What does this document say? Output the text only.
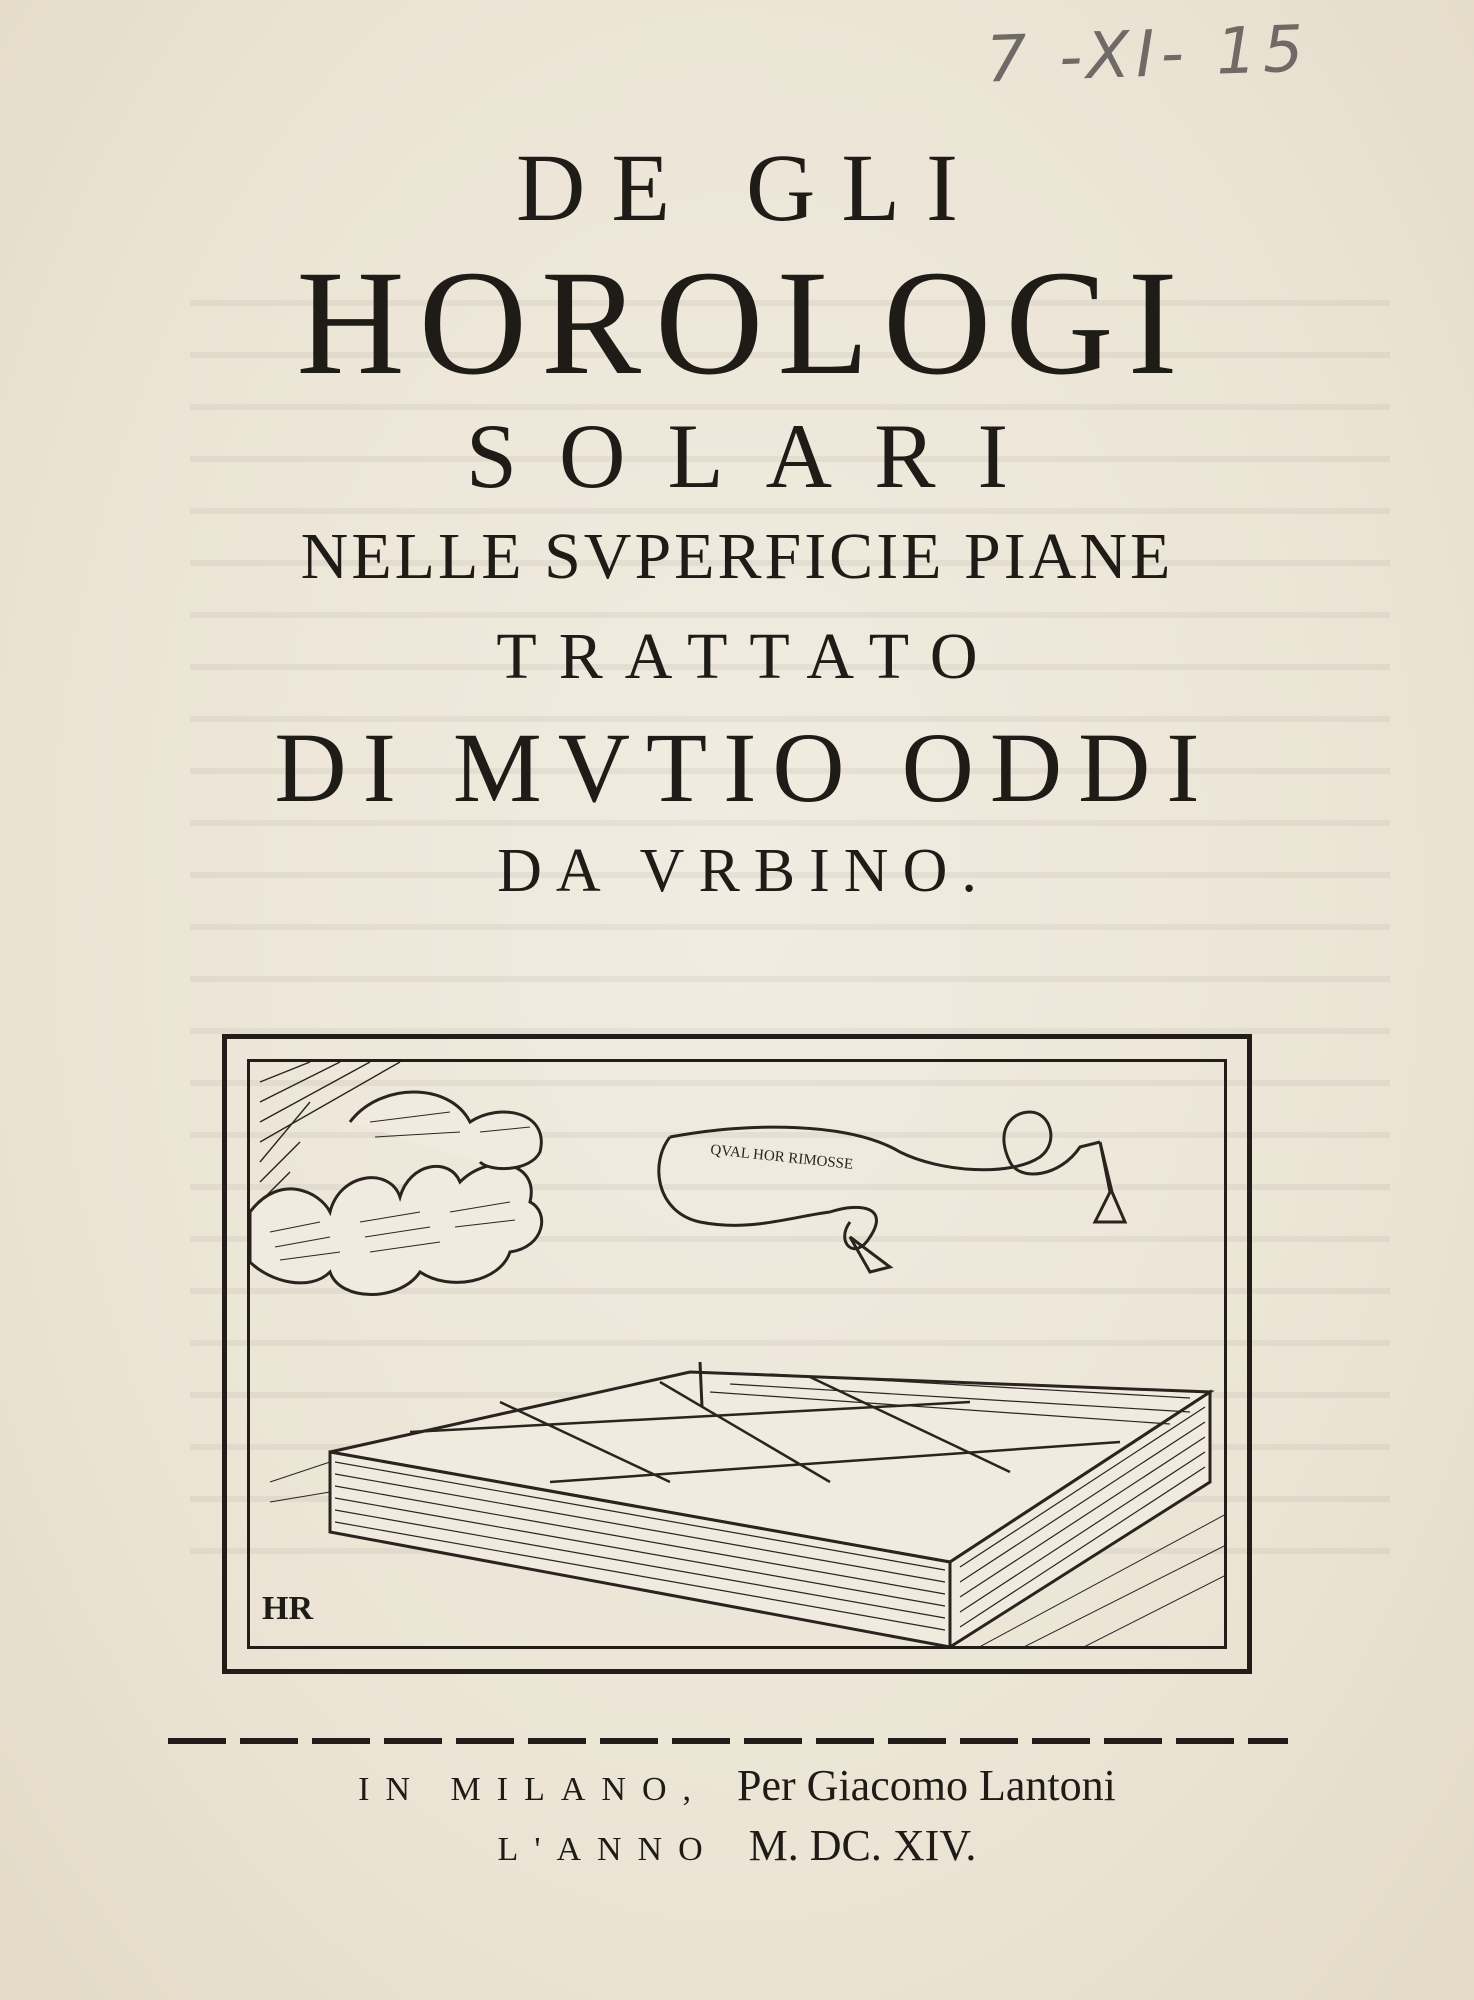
7 -XI- 15

DE GLI

HOROLOGI

SOLARI

NELLE SVPERFICIE PIANE

TRATTATO

DI MVTIO ODDI

DA VRBINO.

QVAL HOR RIMOSSE
HR
IN MILANO, Per Giacomo Lantoni
L'ANNO M. DC. XIV.
